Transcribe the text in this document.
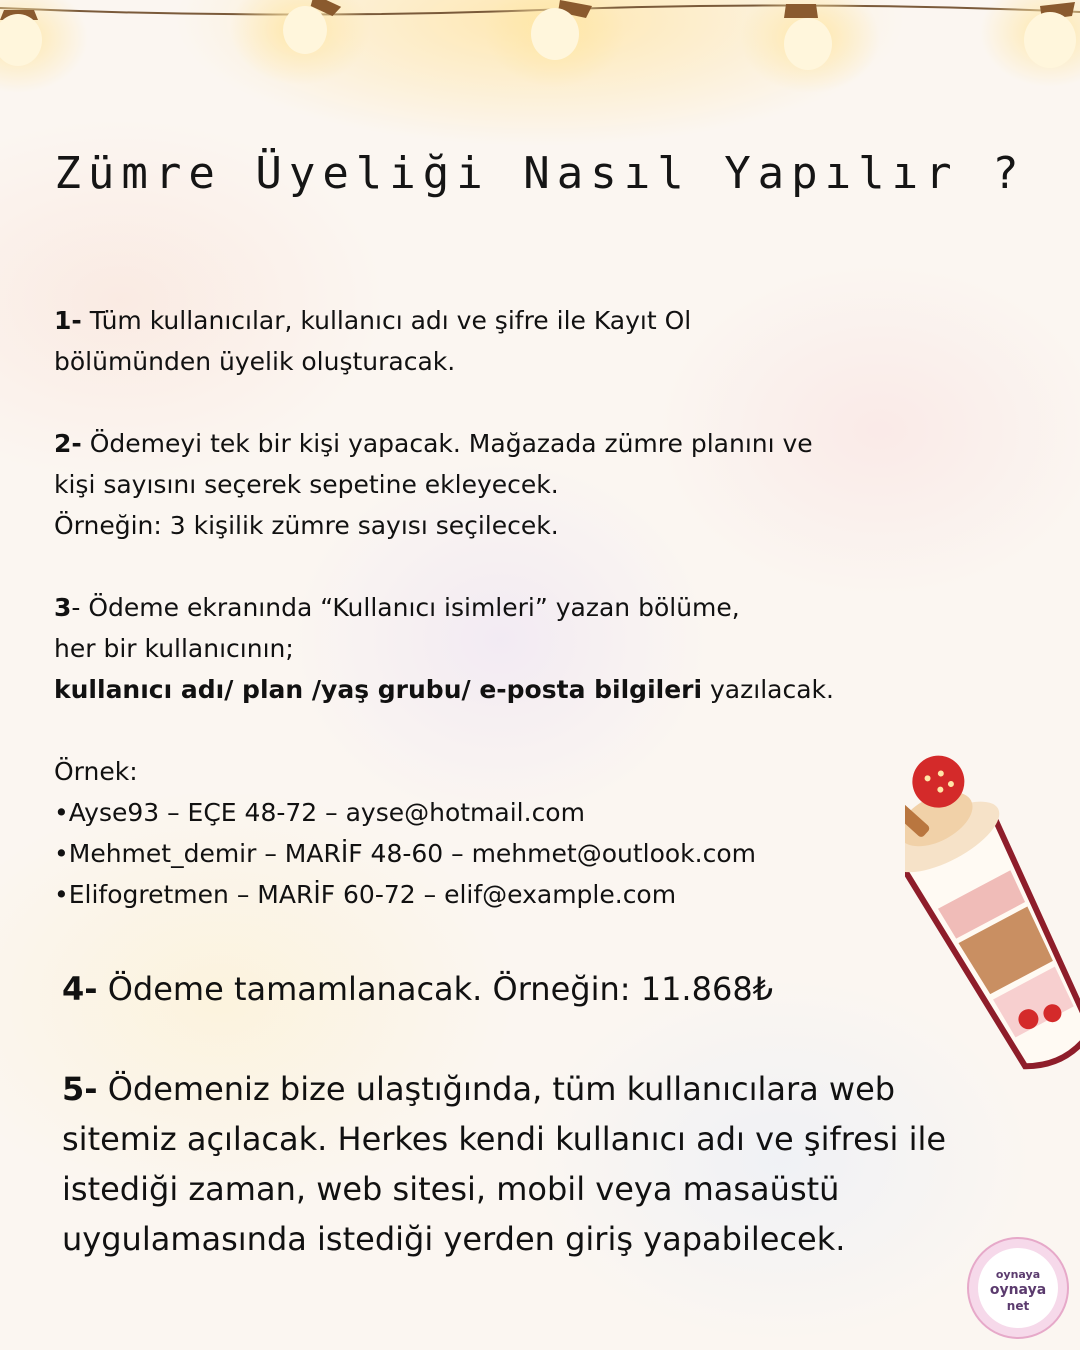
Zümre Üyeliği Nasıl Yapılır ?

1- Tüm kullanıcılar, kullanıcı adı ve şifre ile Kayıt Ol
bölümünden üyelik oluşturacak.

2- Ödemeyi tek bir kişi yapacak. Mağazada zümre planını ve
kişi sayısını seçerek sepetine ekleyecek.
Örneğin: 3 kişilik zümre sayısı seçilecek.

3- Ödeme ekranında “Kullanıcı isimleri” yazan bölüme,
her bir kullanıcının;
kullanıcı adı/ plan /yaş grubu/ e-posta bilgileri yazılacak.

Örnek:

•Ayse93 – EÇE 48-72 – ayse@hotmail.com

•Mehmet_demir – MARİF 48-60 – mehmet@outlook.com

•Elifogretmen – MARİF 60-72 – elif@example.com

4- Ödeme tamamlanacak. Örneğin: 11.868₺

5- Ödemeniz bize ulaştığında, tüm kullanıcılara web sitemiz açılacak. Herkes kendi kullanıcı adı ve şifresi ile istediği zaman, web sitesi, mobil veya masaüstü uygulamasında istediği yerden giriş yapabilecek.

oynaya
oynaya
net
